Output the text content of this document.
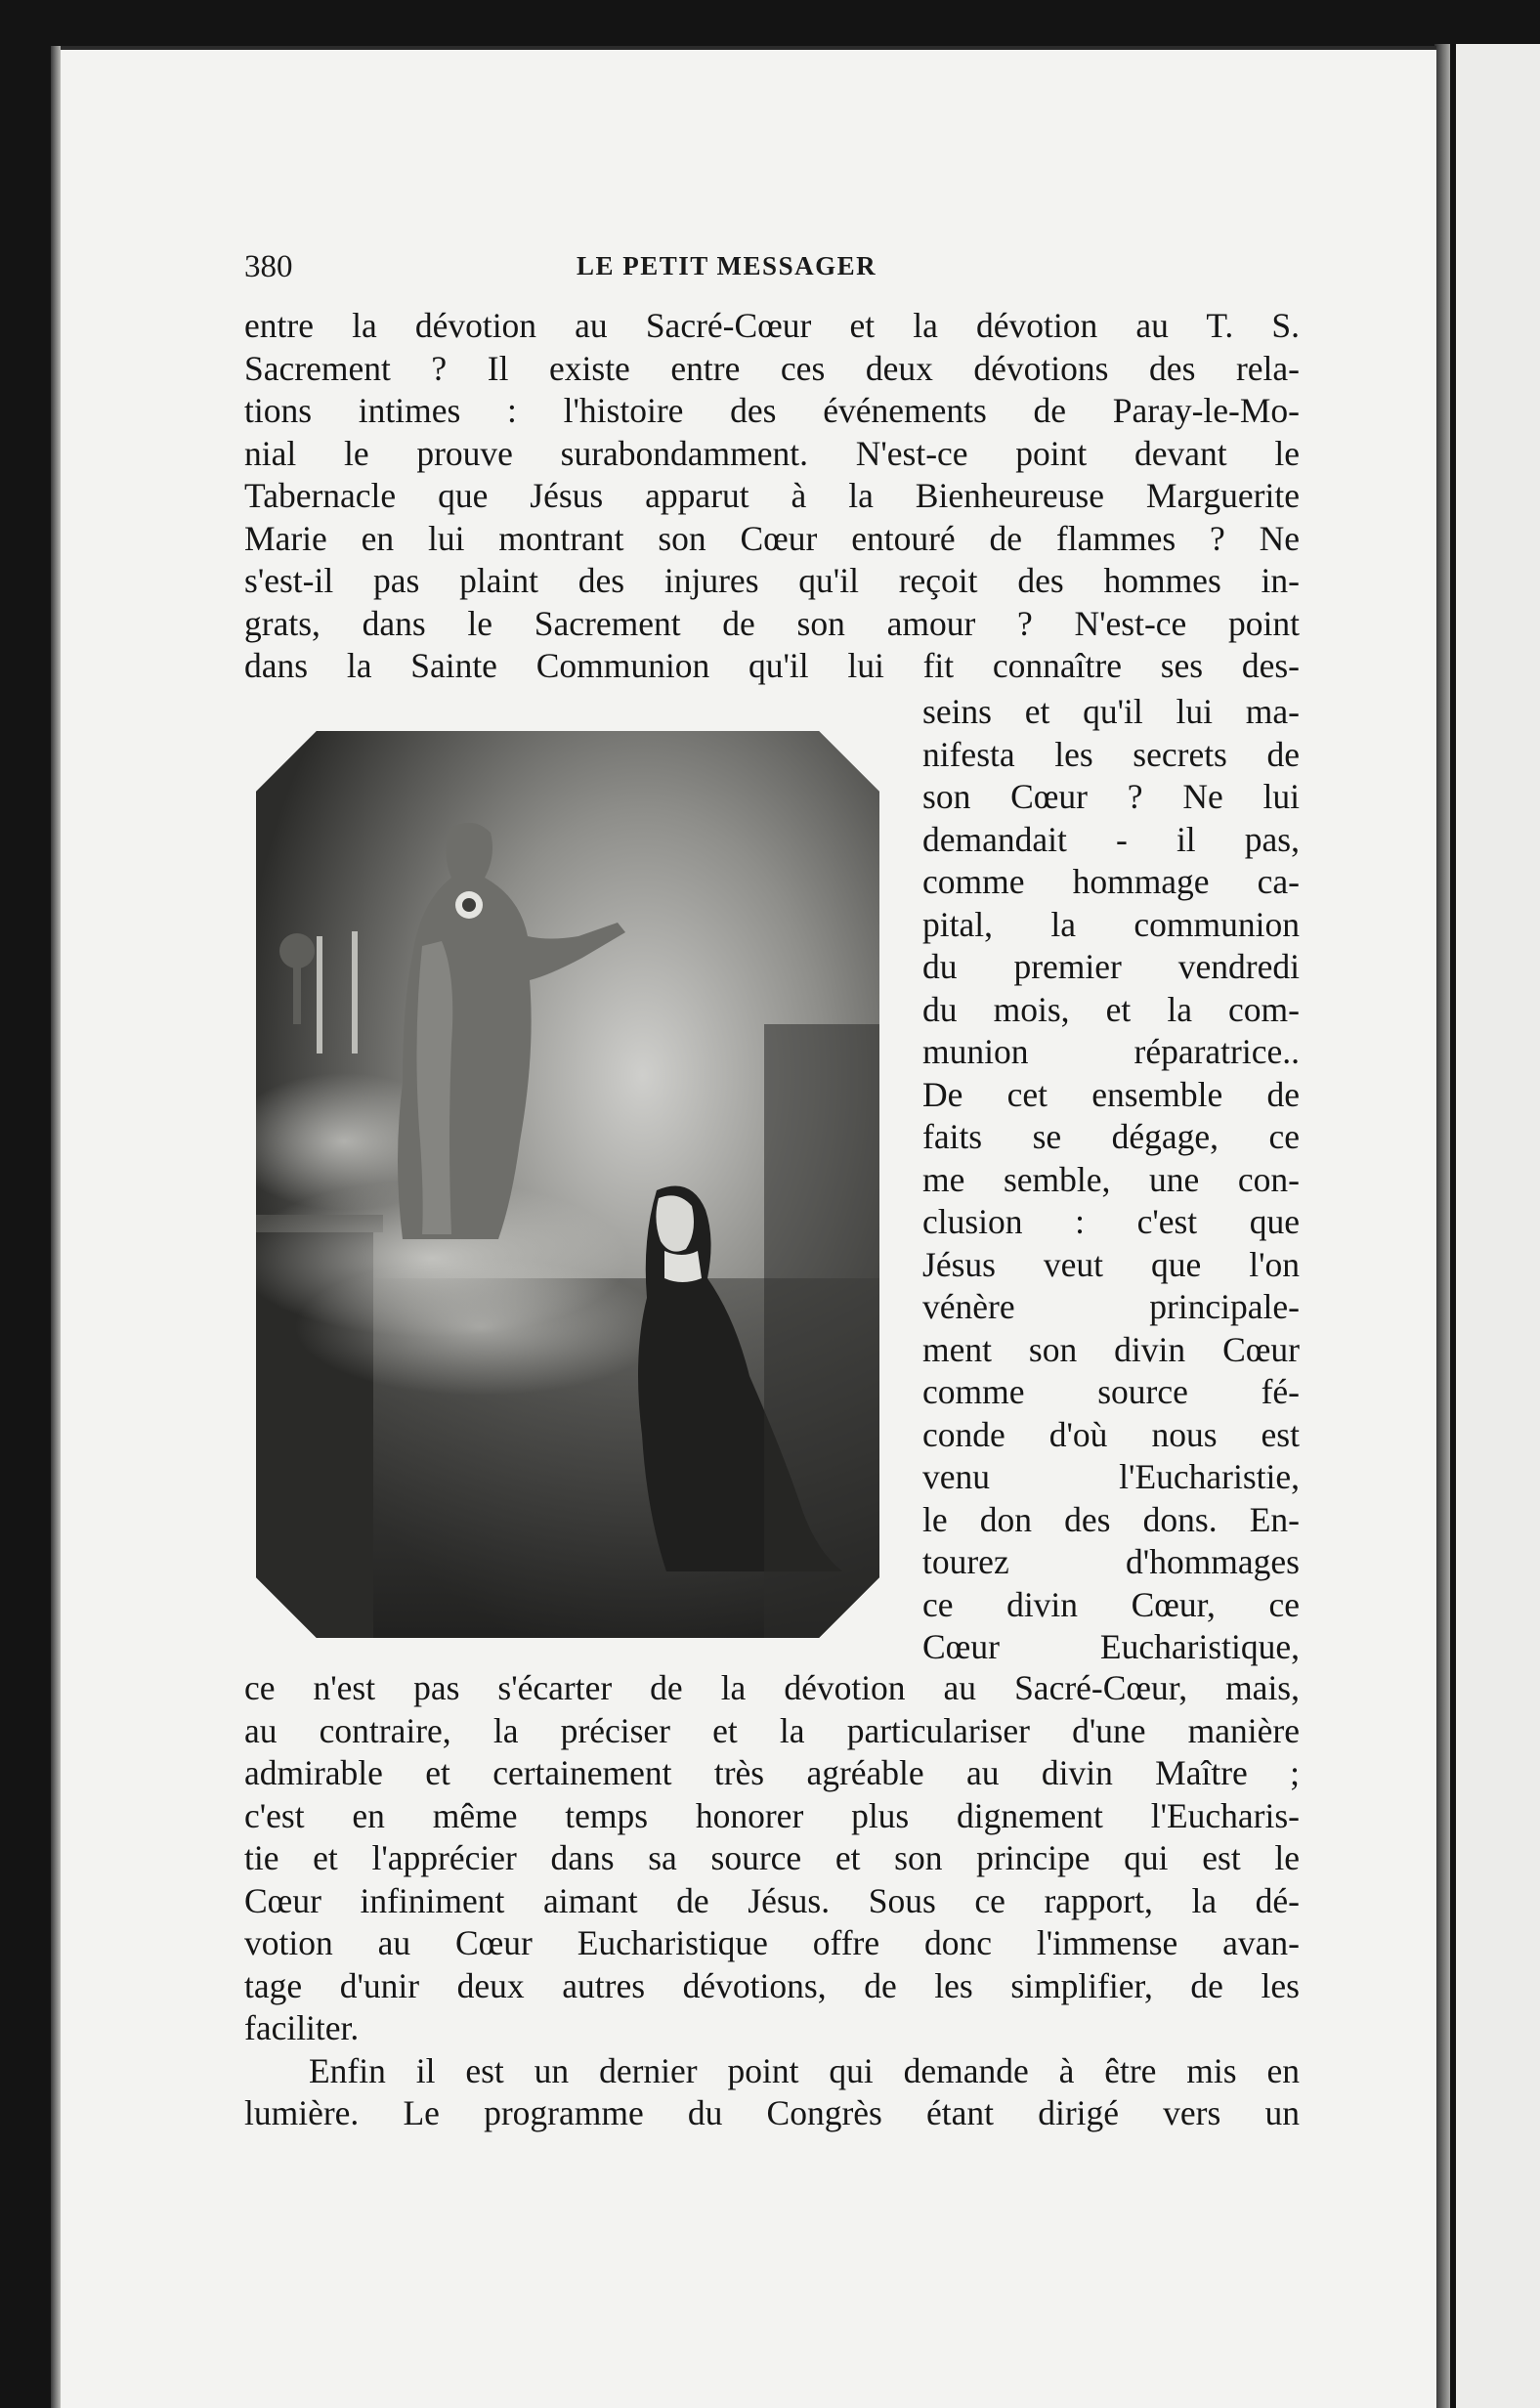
380	LE PETIT MESSAGER
entre la dévotion au Sacré-Cœur et la dévotion au T. S.
Sacrement ? Il existe entre ces deux dévotions des rela-
tions intimes : l'histoire des événements de Paray-le-Mo-
nial le prouve surabondamment. N'est-ce point devant le
Tabernacle que Jésus apparut à la Bienheureuse Marguerite
Marie en lui montrant son Cœur entouré de flammes ? Ne
s'est-il pas plaint des injures qu'il reçoit des hommes in-
grats, dans le Sacrement de son amour ? N'est-ce point
dans la Sainte Communion qu'il lui fit connaître ses des-
seins et qu'il lui ma-
nifesta les secrets de
son Cœur ? Ne lui
demandait - il pas,
comme hommage ca-
pital, la communion
du premier vendredi
du mois, et la com-
munion réparatrice..
De cet ensemble de
faits se dégage, ce
me semble, une con-
clusion : c'est que
Jésus veut que l'on
vénère principale-
ment son divin Cœur
comme source fé-
conde d'où nous est
venu l'Eucharistie,
le don des dons. En-
tourez d'hommages
ce divin Cœur, ce
Cœur Eucharistique,
ce n'est pas s'écarter de la dévotion au Sacré-Cœur, mais,
au contraire, la préciser et la particulariser d'une manière
admirable et certainement très agréable au divin Maître ;
c'est en même temps honorer plus dignement l'Eucharis-
tie et l'apprécier dans sa source et son principe qui est le
Cœur infiniment aimant de Jésus. Sous ce rapport, la dé-
votion au Cœur Eucharistique offre donc l'immense avan-
tage d'unir deux autres dévotions, de les simplifier, de les
faciliter.
Enfin il est un dernier point qui demande à être mis en
lumière. Le programme du Congrès étant dirigé vers un
